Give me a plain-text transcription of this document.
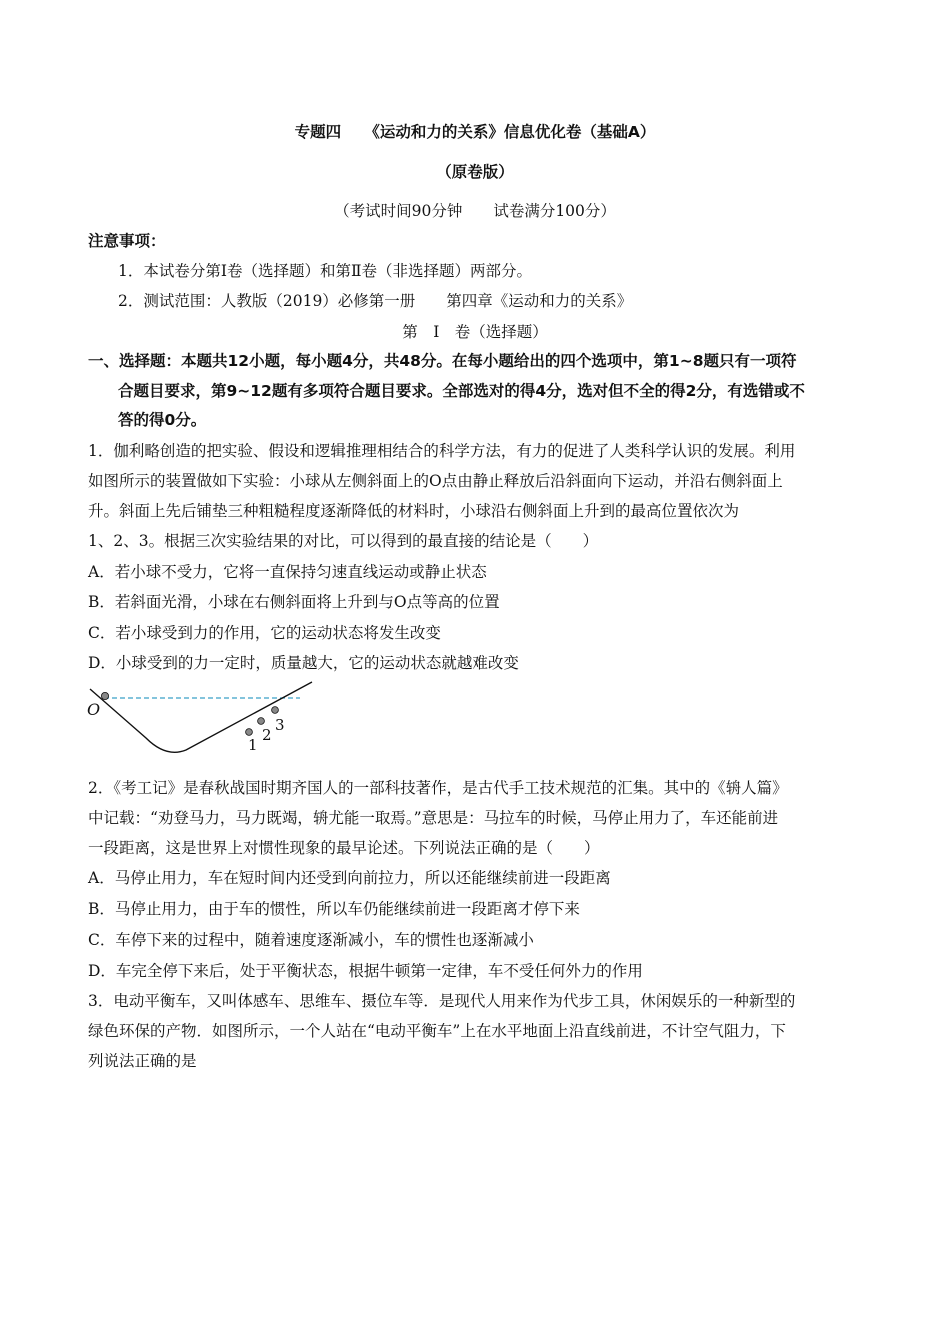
专题四　　《运动和力的关系》信息优化卷（基础A）
（原卷版）
（考试时间90分钟　　试卷满分100分）
注意事项：
1．本试卷分第Ⅰ卷（选择题）和第Ⅱ卷（非选择题）两部分。
2．测试范围：人教版（2019）必修第一册　　第四章《运动和力的关系》
第　Ⅰ　卷（选择题）
一、选择题：本题共12小题，每小题4分，共48分。在每小题给出的四个选项中，第1~8题只有一项符
合题目要求，第9~12题有多项符合题目要求。全部选对的得4分，选对但不全的得2分，有选错或不
答的得0分。
1．伽利略创造的把实验、假设和逻辑推理相结合的科学方法，有力的促进了人类科学认识的发展。利用
如图所示的装置做如下实验：小球从左侧斜面上的O点由静止释放后沿斜面向下运动，并沿右侧斜面上
升。斜面上先后铺垫三种粗糙程度逐渐降低的材料时，小球沿右侧斜面上升到的最高位置依次为
1、2、3。根据三次实验结果的对比，可以得到的最直接的结论是（　　）
A．若小球不受力，它将一直保持匀速直线运动或静止状态
B．若斜面光滑，小球在右侧斜面将上升到与O点等高的位置
C．若小球受到力的作用，它的运动状态将发生改变
D．小球受到的力一定时，质量越大，它的运动状态就越难改变
O
1
2
3
2．《考工记》是春秋战国时期齐国人的一部科技著作，是古代手工技术规范的汇集。其中的《辀人篇》
中记载：“劝登马力，马力既竭，辀尤能一取焉。”意思是：马拉车的时候，马停止用力了，车还能前进
一段距离，这是世界上对惯性现象的最早论述。下列说法正确的是（　　）
A．马停止用力，车在短时间内还受到向前拉力，所以还能继续前进一段距离
B．马停止用力，由于车的惯性，所以车仍能继续前进一段距离才停下来
C．车停下来的过程中，随着速度逐渐减小，车的惯性也逐渐减小
D．车完全停下来后，处于平衡状态，根据牛顿第一定律，车不受任何外力的作用
3．电动平衡车，又叫体感车、思维车、摄位车等．是现代人用来作为代步工具，休闲娱乐的一种新型的
绿色环保的产物．如图所示，一个人站在“电动平衡车”上在水平地面上沿直线前进，不计空气阻力，下
列说法正确的是
